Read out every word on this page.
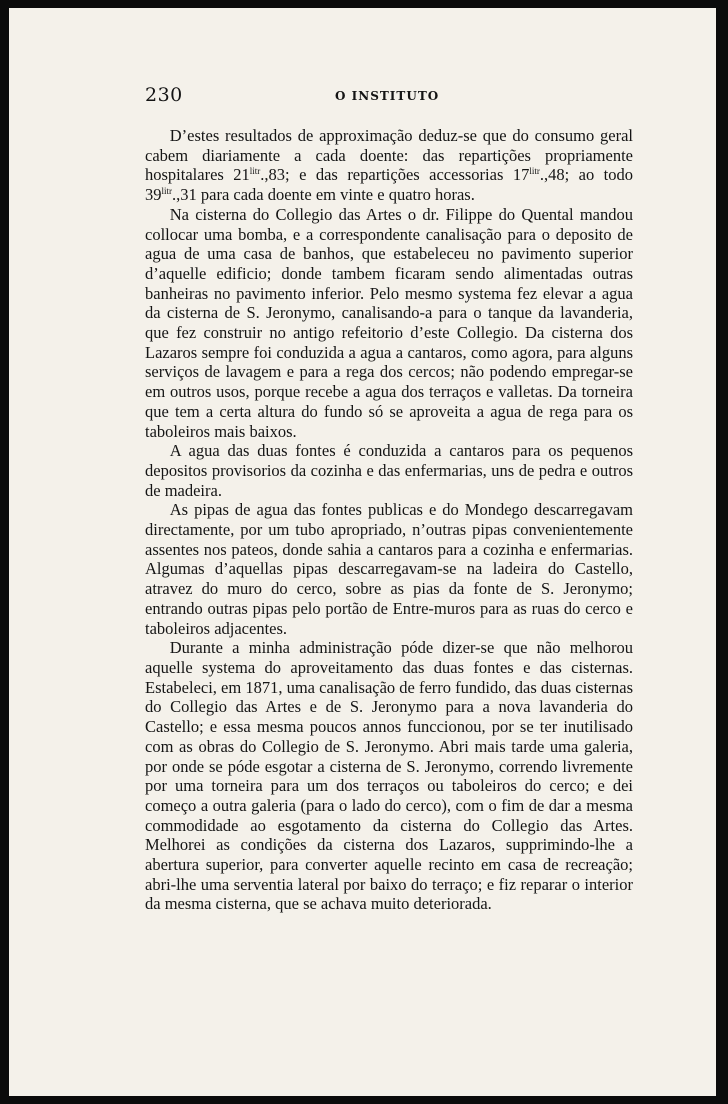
230	O INSTITUTO

D’estes resultados de approximação deduz-se que do consumo geral cabem diariamente a cada doente: das repartições propriamente hospitalares $21^{litr}.,83$; e das repartições accessorias $17^{litr}.,48$; ao todo $39^{litr}.,31$ para cada doente em vinte e quatro horas.

Na cisterna do Collegio das Artes o dr. Filippe do Quental mandou collocar uma bomba, e a correspondente canalisação para o deposito de agua de uma casa de banhos, que estabeleceu no pavimento superior d’aquelle edificio; donde tambem ficaram sendo alimentadas outras banheiras no pavimento inferior. Pelo mesmo systema fez elevar a agua da cisterna de S. Jeronymo, canalisando-a para o tanque da lavanderia, que fez construir no antigo refeitorio d’este Collegio. Da cisterna dos Lazaros sempre foi conduzida a agua a cantaros, como agora, para alguns serviços de lavagem e para a rega dos cercos; não podendo empregar-se em outros usos, porque recebe a agua dos terraços e valletas. Da torneira que tem a certa altura do fundo só se aproveita a agua de rega para os taboleiros mais baixos.

A agua das duas fontes é conduzida a cantaros para os pequenos depositos provisorios da cozinha e das enfermarias, uns de pedra e outros de madeira.

As pipas de agua das fontes publicas e do Mondego descarregavam directamente, por um tubo apropriado, n’outras pipas convenientemente assentes nos pateos, donde sahia a cantaros para a cozinha e enfermarias. Algumas d’aquellas pipas descarregavam-se na ladeira do Castello, atravez do muro do cerco, sobre as pias da fonte de S. Jeronymo; entrando outras pipas pelo portão de Entre-muros para as ruas do cerco e taboleiros adjacentes.

Durante a minha administração póde dizer-se que não melhorou aquelle systema do aproveitamento das duas fontes e das cisternas. Estabeleci, em 1871, uma canalisação de ferro fundido, das duas cisternas do Collegio das Artes e de S. Jeronymo para a nova lavanderia do Castello; e essa mesma poucos annos funccionou, por se ter inutilisado com as obras do Collegio de S. Jeronymo. Abri mais tarde uma galeria, por onde se póde esgotar a cisterna de S. Jeronymo, correndo livremente por uma torneira para um dos terraços ou taboleiros do cerco; e dei começo a outra galeria (para o lado do cerco), com o fim de dar a mesma commodidade ao esgotamento da cisterna do Collegio das Artes. Melhorei as condições da cisterna dos Lazaros, supprimindo-lhe a abertura superior, para converter aquelle recinto em casa de recreação; abri-lhe uma serventia lateral por baixo do terraço; e fiz reparar o interior da mesma cisterna, que se achava muito deteriorada.
